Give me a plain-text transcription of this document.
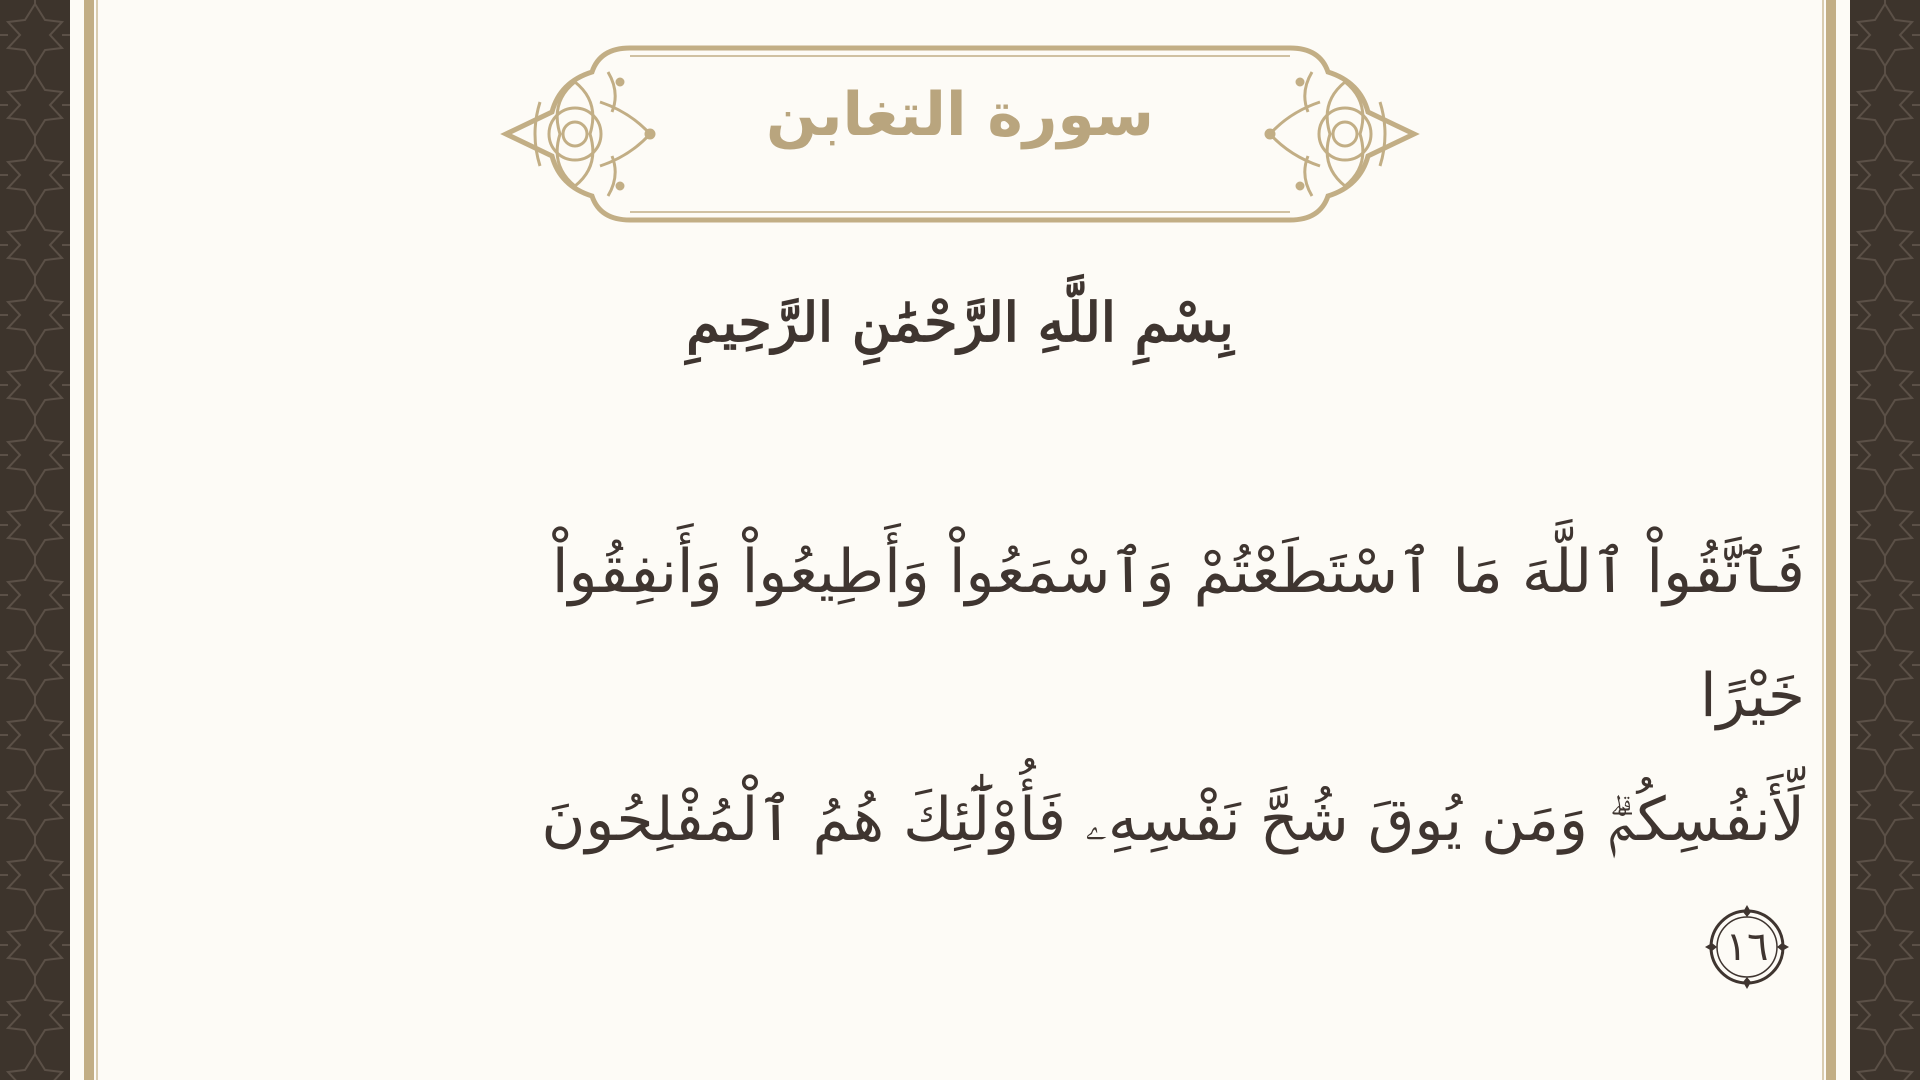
سورة التغابن
بِسْمِ اللَّهِ الرَّحْمَٰنِ الرَّحِيمِ
فَٱتَّقُواْ ٱللَّهَ مَا ٱسْتَطَعْتُمْ وَٱسْمَعُواْ وَأَطِيعُواْ وَأَنفِقُواْ خَيْرًا
لِّأَنفُسِكُمْۗ وَمَن يُوقَ شُحَّ نَفْسِهِۦ فَأُوْلَٰٓئِكَ هُمُ ٱلْمُفْلِحُونَ
١٦
